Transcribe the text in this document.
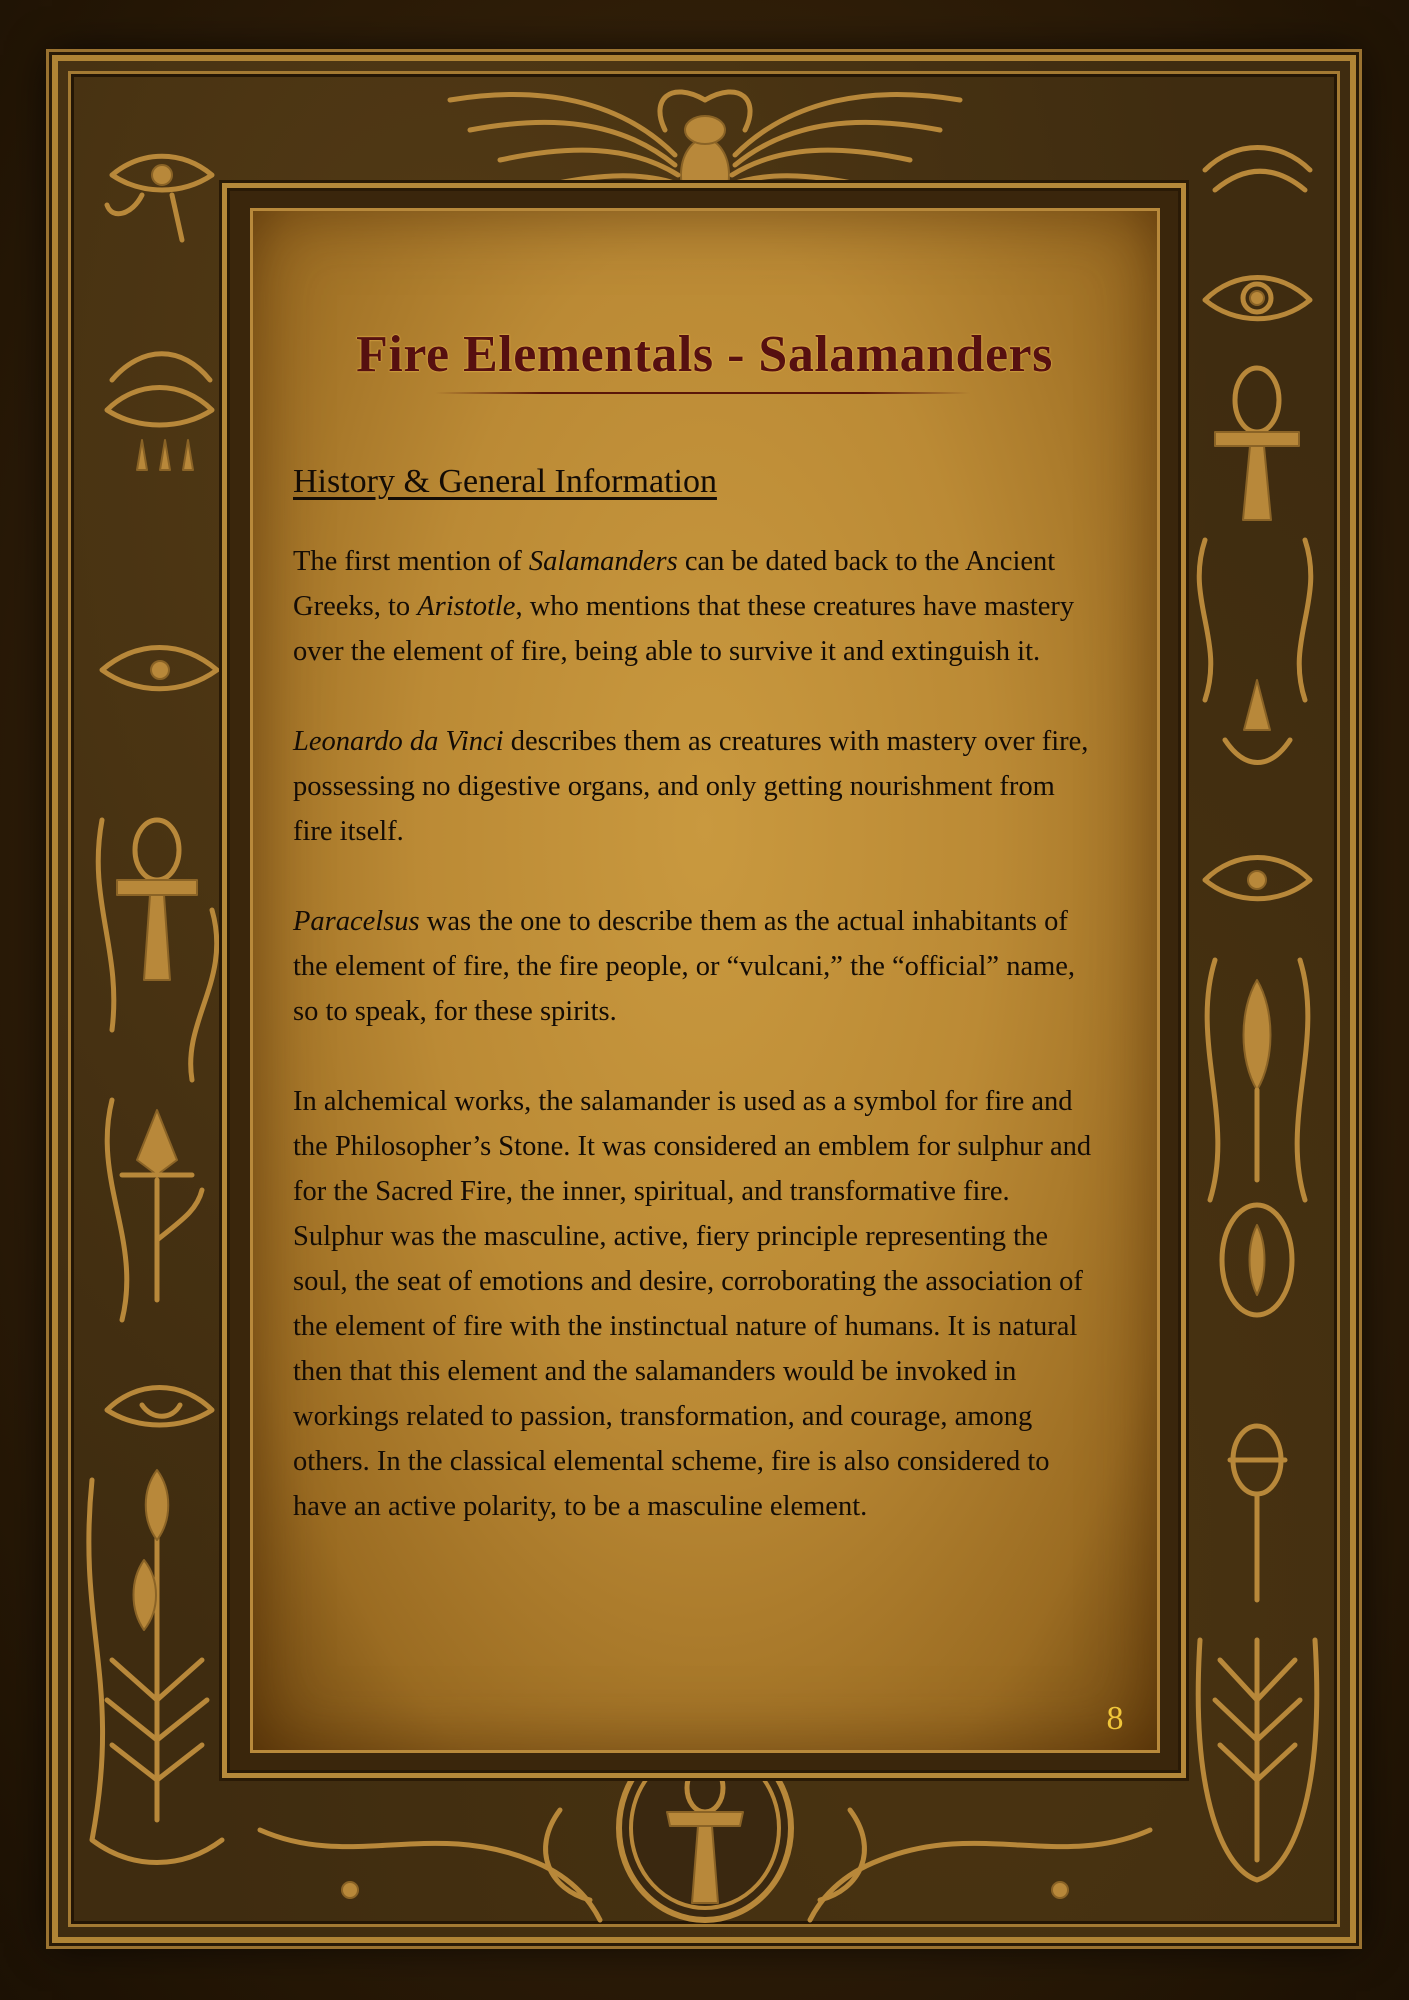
Fire Elementals - Salamanders
History & General Information

The first mention of Salamanders can be dated back to the Ancient Greeks, to Aristotle, who mentions that these creatures have mastery over the element of fire, being able to survive it and extinguish it.

Leonardo da Vinci describes them as creatures with mastery over fire, possessing no digestive organs, and only getting nourishment from fire itself.

Paracelsus was the one to describe them as the actual inhabitants of the element of fire, the fire people, or “vulcani,” the “official” name, so to speak, for these spirits.

In alchemical works, the salamander is used as a symbol for fire and the Philosopher’s Stone. It was considered an emblem for sulphur and for the Sacred Fire, the inner, spiritual, and transformative fire. Sulphur was the masculine, active, fiery principle representing the soul, the seat of emotions and desire, corroborating the association of the element of fire with the instinctual nature of humans. It is natural then that this element and the salamanders would be invoked in workings related to passion, transformation, and courage, among others. In the classical elemental scheme, fire is also considered to have an active polarity, to be a masculine element.

8
